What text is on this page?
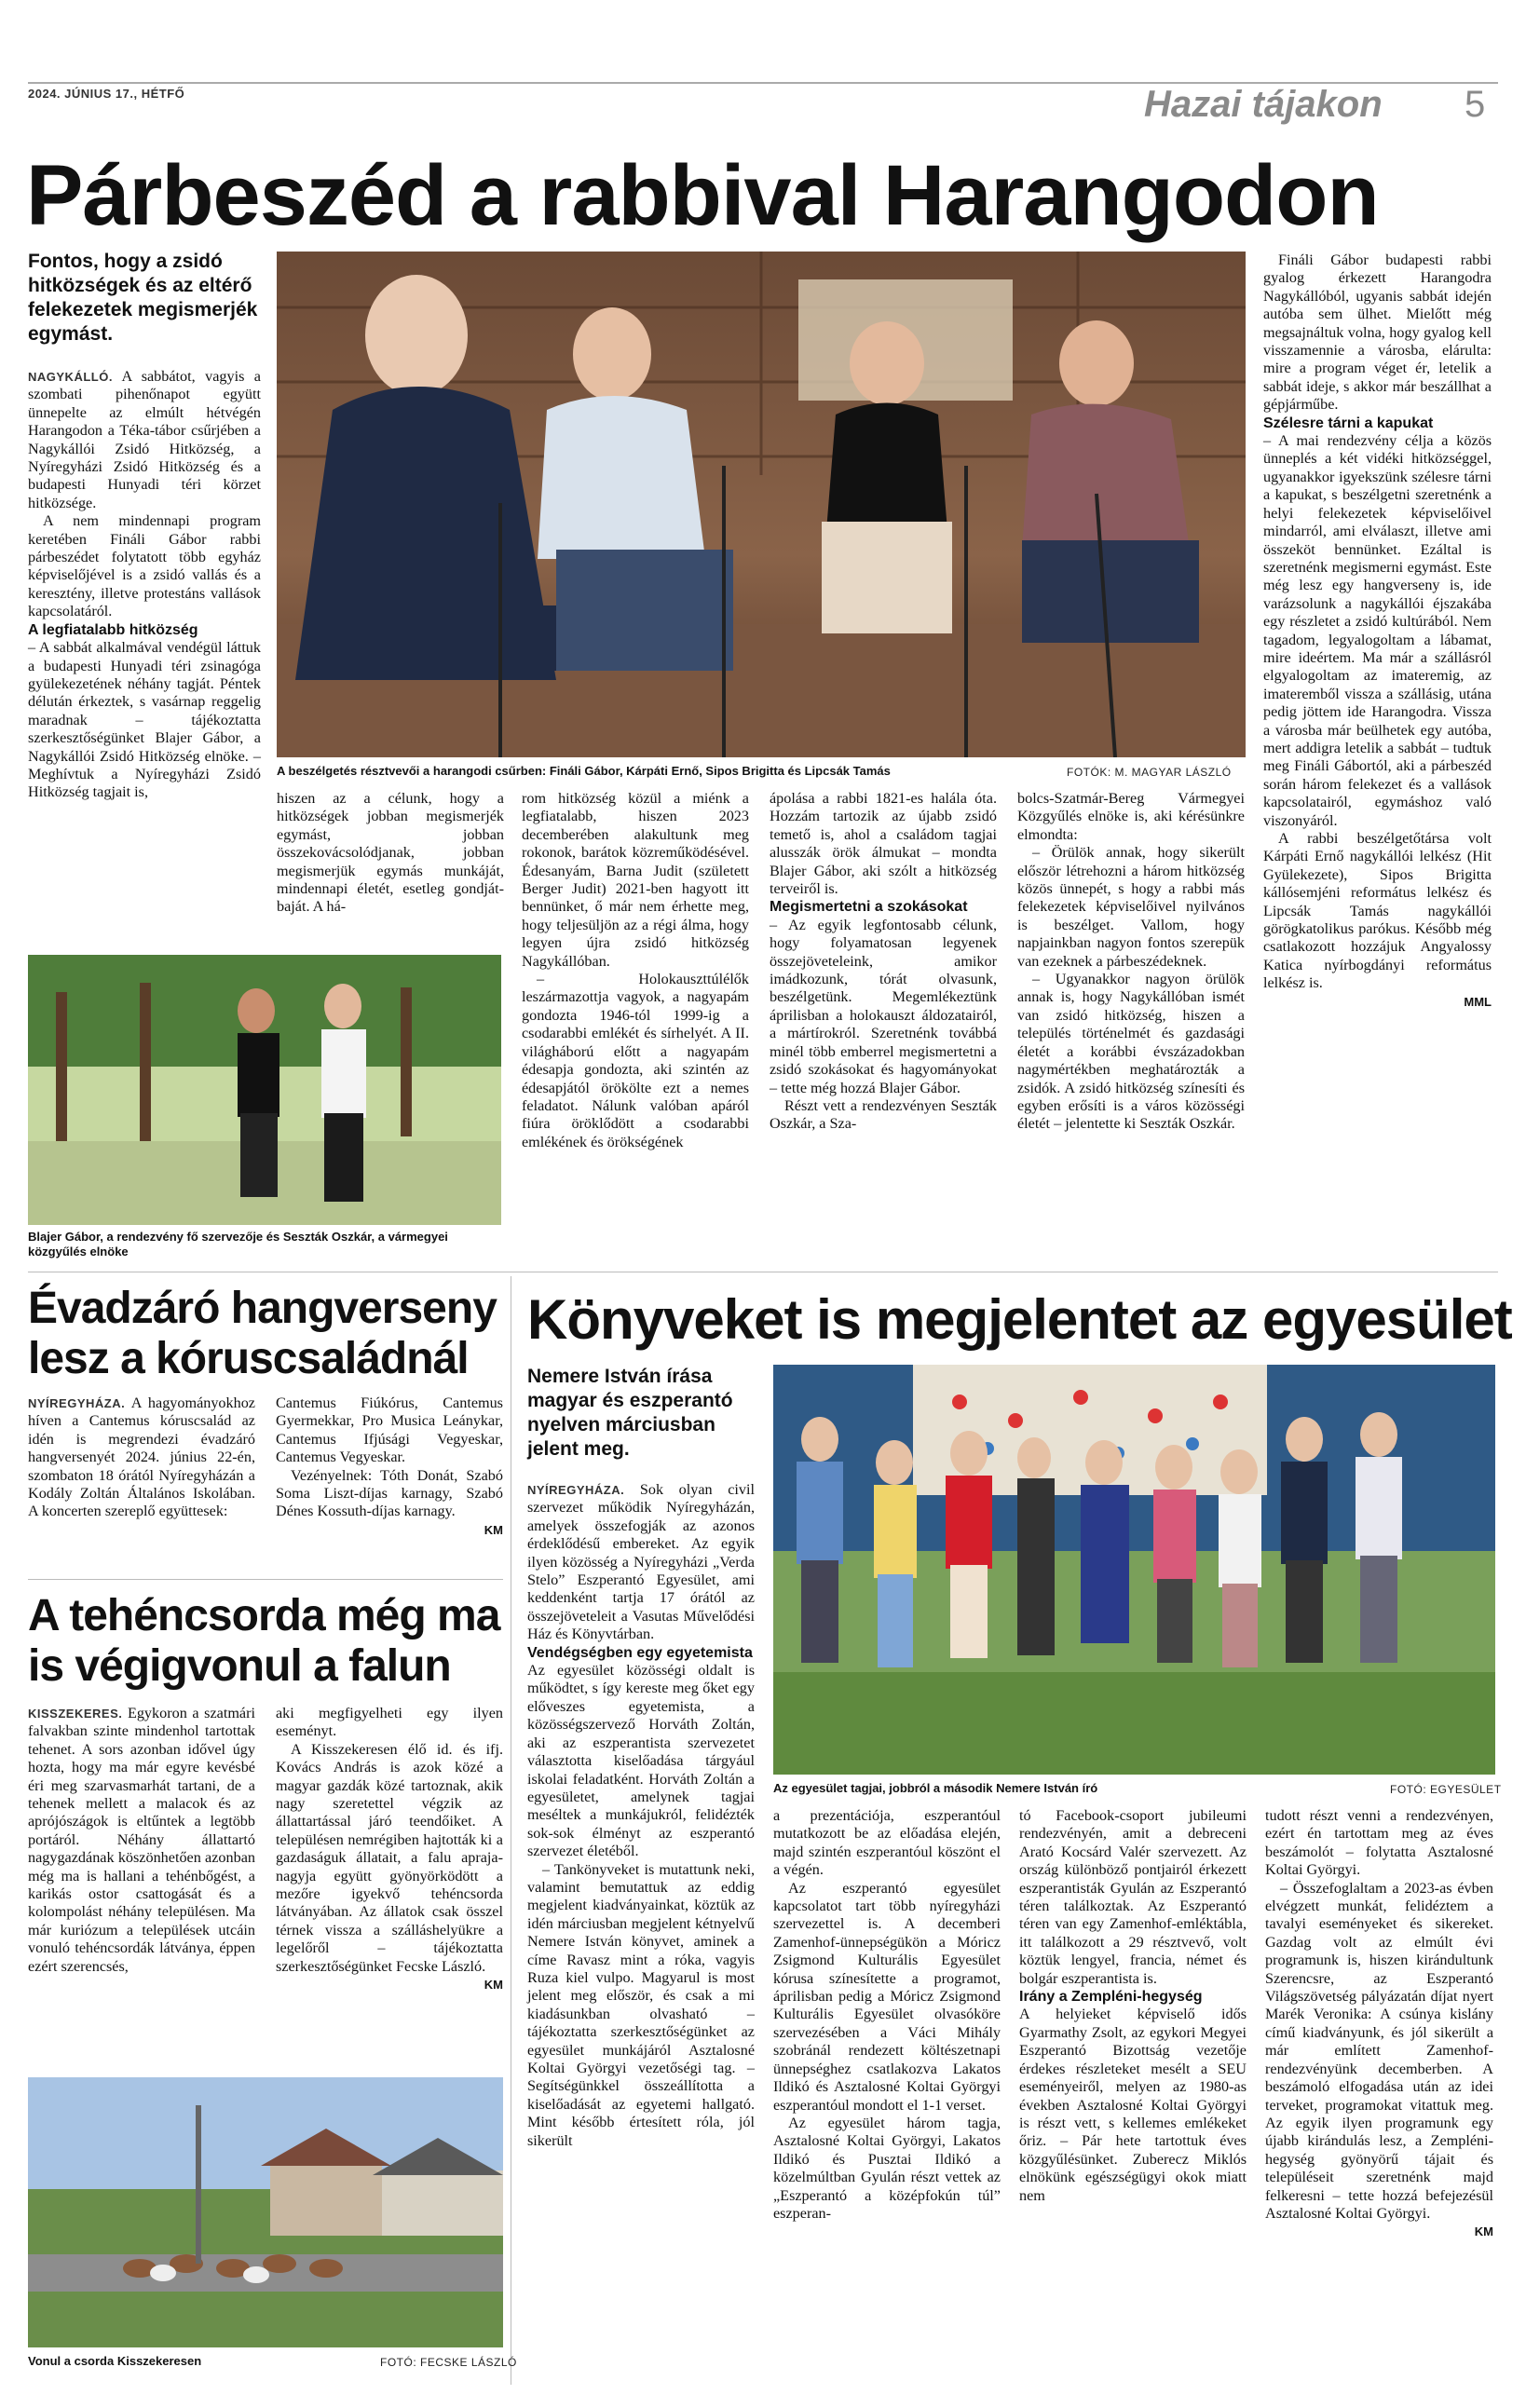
2024. JÚNIUS 17., HÉTFŐ	Hazai tájakon 5
Párbeszéd a rabbival Harangodon
Fontos, hogy a zsidó hitközségek és az eltérő felekezetek megismerjék egymást.
A beszélgetés résztvevői a harangodi csűrben: Fináli Gábor, Kárpáti Ernő, Sipos Brigitta és Lipcsák Tamás	FOTÓK: M. MAGYAR LÁSZLÓ

NAGYKÁLLÓ. A sabbátot, vagyis a szombati pihenőnapot együtt ünnepelte az elmúlt hétvégén Harangodon a Téka-tábor csűrjében a Nagykállói Zsidó Hitközség, a Nyíregyházi Zsidó Hitközség és a budapesti Hunyadi téri körzet hitközsége.

A nem mindennapi program keretében Fináli Gábor rabbi párbeszédet folytatott több egyház képviselőjével is a zsidó vallás és a keresztény, illetve protestáns vallások kapcsolatáról.

A legfiatalabb hitközség

– A sabbát alkalmával vendégül láttuk a budapesti Hunyadi téri zsinagóga gyülekezetének néhány tagját. Péntek délután érkeztek, s vasárnap reggelig maradnak – tájékoztatta szerkesztőségünket Blajer Gábor, a Nagykállói Zsidó Hitközség elnöke. – Meghívtuk a Nyíregyházi Zsidó Hitközség tagjait is,

Blajer Gábor, a rendezvény fő szervezője és Seszták Oszkár, a vármegyei közgyűlés elnöke

hiszen az a célunk, hogy a hitközségek jobban megismerjék egymást, jobban összekovácsolódjanak, jobban megismerjük egymás munkáját, mindennapi életét, esetleg gondját-baját. A há-

rom hitközség közül a miénk a legfiatalabb, hiszen 2023 decemberében alakultunk meg rokonok, barátok közreműködésével. Édesanyám, Barna Judit (született Berger Judit) 2021-ben hagyott itt bennünket, ő már nem érhette meg, hogy teljesüljön az a régi álma, hogy legyen újra zsidó hitközség Nagykállóban.

– Holokauszttúlélők leszármazottja vagyok, a nagyapám gondozta 1946-tól 1999-ig a csodarabbi emlékét és sírhelyét. A II. világháború előtt a nagyapám édesapja gondozta, aki szintén az édesapjától örökölte ezt a nemes feladatot. Nálunk valóban apáról fiúra öröklődött a csodarabbi emlékének és örökségének

ápolása a rabbi 1821-es halála óta. Hozzám tartozik az újabb zsidó temető is, ahol a családom tagjai alusszák örök álmukat – mondta Blajer Gábor, aki szólt a hitközség terveiről is.

Megismertetni a szokásokat

– Az egyik legfontosabb célunk, hogy folyamatosan legyenek összejöveteleink, amikor imádkozunk, tórát olvasunk, beszélgetünk. Megemlékeztünk áprilisban a holokauszt áldozatairól, a mártírokról. Szeretnénk továbbá minél több emberrel megismertetni a zsidó szokásokat és hagyományokat – tette még hozzá Blajer Gábor.

Részt vett a rendezvényen Seszták Oszkár, a Sza-

bolcs-Szatmár-Bereg Vármegyei Közgyűlés elnöke is, aki kérésünkre elmondta:

– Örülök annak, hogy sikerült először létrehozni a három hitközség közös ünnepét, s hogy a rabbi más felekezetek képviselőivel nyilvános is beszélget. Vallom, hogy napjainkban nagyon fontos szerepük van ezeknek a párbeszédeknek.

– Ugyanakkor nagyon örülök annak is, hogy Nagykállóban ismét van zsidó hitközség, hiszen a település történelmét és gazdasági életét a korábbi évszázadokban nagymértékben meghatározták a zsidók. A zsidó hitközség színesíti és egyben erősíti is a város közösségi életét – jelentette ki Seszták Oszkár.

Fináli Gábor budapesti rabbi gyalog érkezett Harangodra Nagykállóból, ugyanis sabbát idején autóba sem ülhet. Mielőtt még megsajnáltuk volna, hogy gyalog kell visszamennie a városba, elárulta: mire a program véget ér, letelik a sabbát ideje, s akkor már beszállhat a gépjárműbe.

Szélesre tárni a kapukat

– A mai rendezvény célja a közös ünneplés a két vidéki hitközséggel, ugyanakkor igyekszünk szélesre tárni a kapukat, s beszélgetni szeretnénk a helyi felekezetek képviselőivel mindarról, ami elválaszt, illetve ami összeköt bennünket. Ezáltal is szeretnénk megismerni egymást. Este még lesz egy hangverseny is, ide varázsolunk a nagykállói éjszakába egy részletet a zsidó kultúrából. Nem tagadom, legyalogoltam a lábamat, mire ideértem. Ma már a szállásról elgyalogoltam az imateremig, az imateremből vissza a szállásig, utána pedig jöttem ide Harangodra. Vissza a városba már beülhetek egy autóba, mert addigra letelik a sabbát – tudtuk meg Fináli Gábortól, aki a párbeszéd során három felekezet és a vallások kapcsolatairól, egymáshoz való viszonyáról.

A rabbi beszélgetőtársa volt Kárpáti Ernő nagykállói lelkész (Hit Gyülekezete), Sipos Brigitta kállósemjéni református lelkész és Lipcsák Tamás nagykállói görögkatolikus parókus. Később még csatlakozott hozzájuk Angyalossy Katica nyírbogdányi református lelkész is.

MML
Évadzáró hangverseny
lesz a kóruscsaládnál

NYÍREGYHÁZA. A hagyományokhoz híven a Cantemus kóruscsalád az idén is megrendezi évadzáró hangversenyét 2024. június 22-én, szombaton 18 órától Nyíregyházán a Kodály Zoltán Általános Iskolában. A koncerten szereplő együttesek:

Cantemus Fiúkórus, Cantemus Gyermekkar, Pro Musica Leánykar, Cantemus Ifjúsági Vegyeskar, Cantemus Vegyeskar.

Vezényelnek: Tóth Donát, Szabó Soma Liszt-díjas karnagy, Szabó Dénes Kossuth-díjas karnagy.

KM
A tehéncsorda még ma
is végigvonul a falun

KISSZEKERES. Egykoron a szatmári falvakban szinte mindenhol tartottak tehenet. A sors azonban idővel úgy hozta, hogy ma már egyre kevésbé éri meg szarvasmarhát tartani, de a tehenek mellett a malacok és az aprójószágok is eltűntek a legtöbb portáról. Néhány állattartó nagygazdának köszönhetően azonban még ma is hallani a tehénbőgést, a karikás ostor csattogását és a kolompolást néhány településen. Ma már kuriózum a települések utcáin vonuló tehéncsordák látványa, éppen ezért szerencsés,

aki megfigyelheti egy ilyen eseményt.

A Kisszekeresen élő id. és ifj. Kovács András is azok közé a magyar gazdák közé tartoznak, akik nagy szeretettel végzik az állattartással járó teendőiket. A településen nemrégiben hajtották ki a gazdaságuk állatait, a falu apraja-nagyja együtt gyönyörködött a mezőre igyekvő tehéncsorda látványában. Az állatok csak összel térnek vissza a szálláshelyükre a legelőről – tájékoztatta szerkesztőségünket Fecske László.

KM
Vonul a csorda Kisszekeresen	FOTÓ: FECSKE LÁSZLÓ
Könyveket is megjelentet az egyesület
Nemere István írása magyar és eszperantó nyelven márciusban jelent meg.
Az egyesület tagjai, jobbról a második Nemere István író	FOTÓ: EGYESÜLET

NYÍREGYHÁZA. Sok olyan civil szervezet működik Nyíregyházán, amelyek összefogják az azonos érdeklődésű embereket. Az egyik ilyen közösség a Nyíregyházi „Verda Stelo” Eszperantó Egyesület, ami keddenként tartja 17 órától az összejöveteleit a Vasutas Művelődési Ház és Könyvtárban.

Vendégségben egy egyetemista

Az egyesület közösségi oldalt is működtet, s így kereste meg őket egy előveszes egyetemista, a közösségszervező Horváth Zoltán, aki az eszperantista szervezetet választotta kiselőadása tárgyául iskolai feladatként. Horváth Zoltán a egyesületet, amelynek tagjai meséltek a munkájukról, felidézték sok-sok élményt az eszperantó szervezet életéből.

– Tankönyveket is mutattunk neki, valamint bemutattuk az eddig megjelent kiadványainkat, köztük az idén márciusban megjelent kétnyelvű Nemere István könyvet, aminek a címe Ravasz mint a róka, vagyis Ruza kiel vulpo. Magyarul is most jelent meg először, és csak a mi kiadásunkban olvasható – tájékoztatta szerkesztőségünket az egyesület munkájáról Asztalosné Koltai Györgyi vezetőségi tag. – Segítségünkkel összeállította a kiselőadását az egyetemi hallgató. Mint később értesített róla, jól sikerült

a prezentációja, eszperantóul mutatkozott be az előadása elején, majd szintén eszperantóul köszönt el a végén.

Az eszperantó egyesület kapcsolatot tart több nyíregyházi szervezettel is. A decemberi Zamenhof-ünnepségükön a Móricz Zsigmond Kulturális Egyesület kórusa színesítette a programot, áprilisban pedig a Móricz Zsigmond Kulturális Egyesület olvasókörе szervezésében a Váci Mihály szobránál rendezett költészetnapi ünnepséghez csatlakozva Lakatos Ildikó és Asztalosné Koltai Györgyi eszperantóul mondott el 1-1 verset.

Az egyesület három tagja, Asztalosné Koltai Györgyi, Lakatos Ildikó és Pusztai Ildikó a közelmúltban Gyulán részt vettek az „Eszperantó a középfokún túl” eszperan-

tó Facebook-csoport jubileumi rendezvényén, amit a debreceni Arató Kocsárd Valér szervezett. Az ország különböző pontjairól érkezett eszperantisták Gyulán az Eszperantó téren találkoztak. Az Eszperantó téren van egy Zamenhof-emléktábla, itt találkozott a 29 résztvevő, volt köztük lengyel, francia, német és bolgár eszperantista is.

Irány a Zempléni-hegység

A helyieket képviselő idős Gyarmathy Zsolt, az egykori Megyei Eszperantó Bizottság vezetője érdekes részleteket mesélt a SEU eseményeiről, melyen az 1980-as években Asztalosné Koltai Györgyi is részt vett, s kellemes emlékeket őriz. – Pár hete tartottuk éves közgyűlésünket. Zuberecz Miklós elnökünk egészségügyi okok miatt nem

tudott részt venni a rendezvényen, ezért én tartottam meg az éves beszámolót – folytatta Asztalosné Koltai Györgyi.

– Összefoglaltam a 2023-as évben elvégzett munkát, felidéztem a tavalyi eseményeket és sikereket. Gazdag volt az elmúlt évi programunk is, hiszen kirándultunk Szerencsre, az Eszperantó Világszövetség pályázatán díjat nyert Marék Veronika: A csúnya kislány című kiadványunk, és jól sikerült a már említett Zamenhof-rendezvényünk decemberben. A beszámoló elfogadása után az idei terveket, programokat vitattuk meg. Az egyik ilyen programunk egy újabb kirándulás lesz, a Zempléni-hegység gyönyörű tájait és településeit szeretnénk majd felkeresni – tette hozzá befejezésül Asztalosné Koltai Györgyi.

KM
